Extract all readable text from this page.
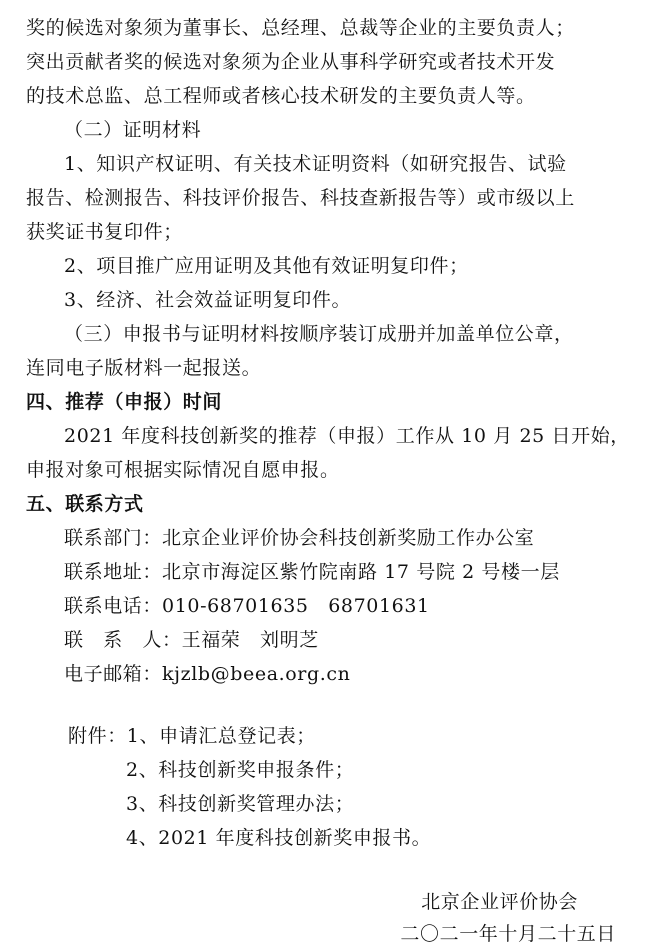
奖的候选对象须为董事长、总经理、总裁等企业的主要负责人；
突出贡献者奖的候选对象须为企业从事科学研究或者技术开发
的技术总监、总工程师或者核心技术研发的主要负责人等。
（二）证明材料
1、知识产权证明、有关技术证明资料（如研究报告、试验
报告、检测报告、科技评价报告、科技查新报告等）或市级以上
获奖证书复印件；
2、项目推广应用证明及其他有效证明复印件；
3、经济、社会效益证明复印件。
（三）申报书与证明材料按顺序装订成册并加盖单位公章，
连同电子版材料一起报送。
四、推荐（申报）时间
2021 年度科技创新奖的推荐（申报）工作从 10 月 25 日开始，
申报对象可根据实际情况自愿申报。
五、联系方式
联系部门：北京企业评价协会科技创新奖励工作办公室
联系地址：北京市海淀区紫竹院南路 17 号院 2 号楼一层
联系电话：010-68701635　68701631
联　系　人：王福荣　刘明芝
电子邮箱：kjzlb@beea.org.cn
附件：1、申请汇总登记表；
2、科技创新奖申报条件；
3、科技创新奖管理办法；
4、2021 年度科技创新奖申报书。
北京企业评价协会
二〇二一年十月二十五日
